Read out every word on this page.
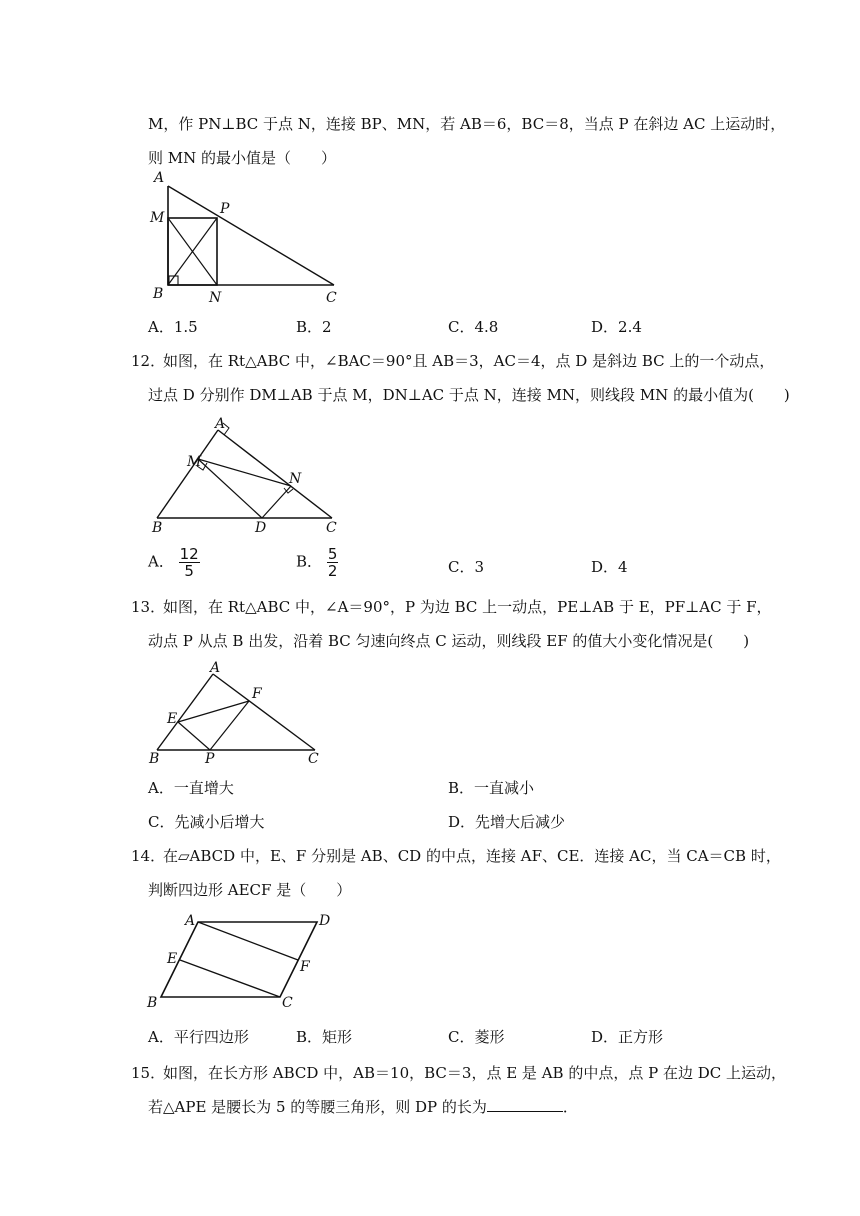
M，作 PN⊥BC 于点 N，连接 BP、MN，若 AB＝6，BC＝8，当点 P 在斜边 AC 上运动时，
则 MN 的最小值是（　　）
A
M
P
B	N	C
A．1.5	B．2	C．4.8	D．2.4
12．
如图，在 Rt△ABC 中，∠BAC＝90°且 AB＝3，AC＝4，点 D 是斜边 BC 上的一个动点，
过点 D 分别作 DM⊥AB 于点 M，DN⊥AC 于点 N，连接 MN，则线段 MN 的最小值为(　　)
A
M
N
B	D	C
A． $\frac{12}{5}$	B． $\frac{5}{2}$	C．3	D．4
13．
如图，在 Rt△ABC 中，∠A＝90°，P 为边 BC 上一动点，PE⊥AB 于 E，PF⊥AC 于 F，
动点 P 从点 B 出发，沿着 BC 匀速向终点 C 运动，则线段 EF 的值大小变化情况是(　　)
A
F
E
B	P	C
A．一直增大	B．一直减小
C．先减小后增大	D．先增大后减少
14．
在▱ABCD 中，E、F 分别是 AB、CD 的中点，连接 AF、CE．连接 AC，当 CA＝CB 时，
判断四边形 AECF 是（　　）
A	D
E	F
B	C
A．平行四边形	B．矩形	C．菱形	D．正方形
15．
如图，在长方形 ABCD 中，AB＝10，BC＝3，点 E 是 AB 的中点，点 P 在边 DC 上运动，
若△APE 是腰长为 5 的等腰三角形，则 DP 的长为	．
